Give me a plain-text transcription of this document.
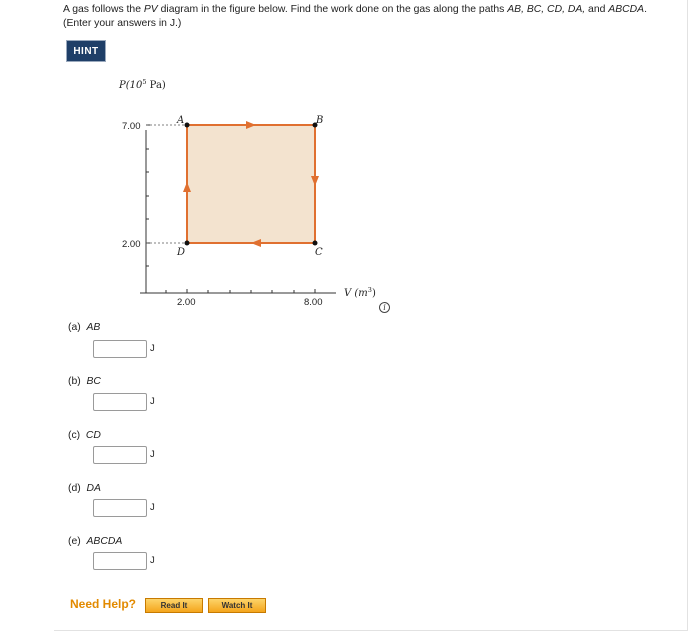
A gas follows the PV diagram in the figure below. Find the work done on the gas along the paths AB, BC, CD, DA, and ABCDA.
(Enter your answers in J.)
HINT
A	B
C
D
$P(10^5$ Pa)
V $(m^3)$
7.00
2.00
2.00	8.00	i
(a) AB
J
(b) BC
J
(c) CD
J
(d) DA
J
(e) ABCDA
J
Need Help?	Read It	Watch It
